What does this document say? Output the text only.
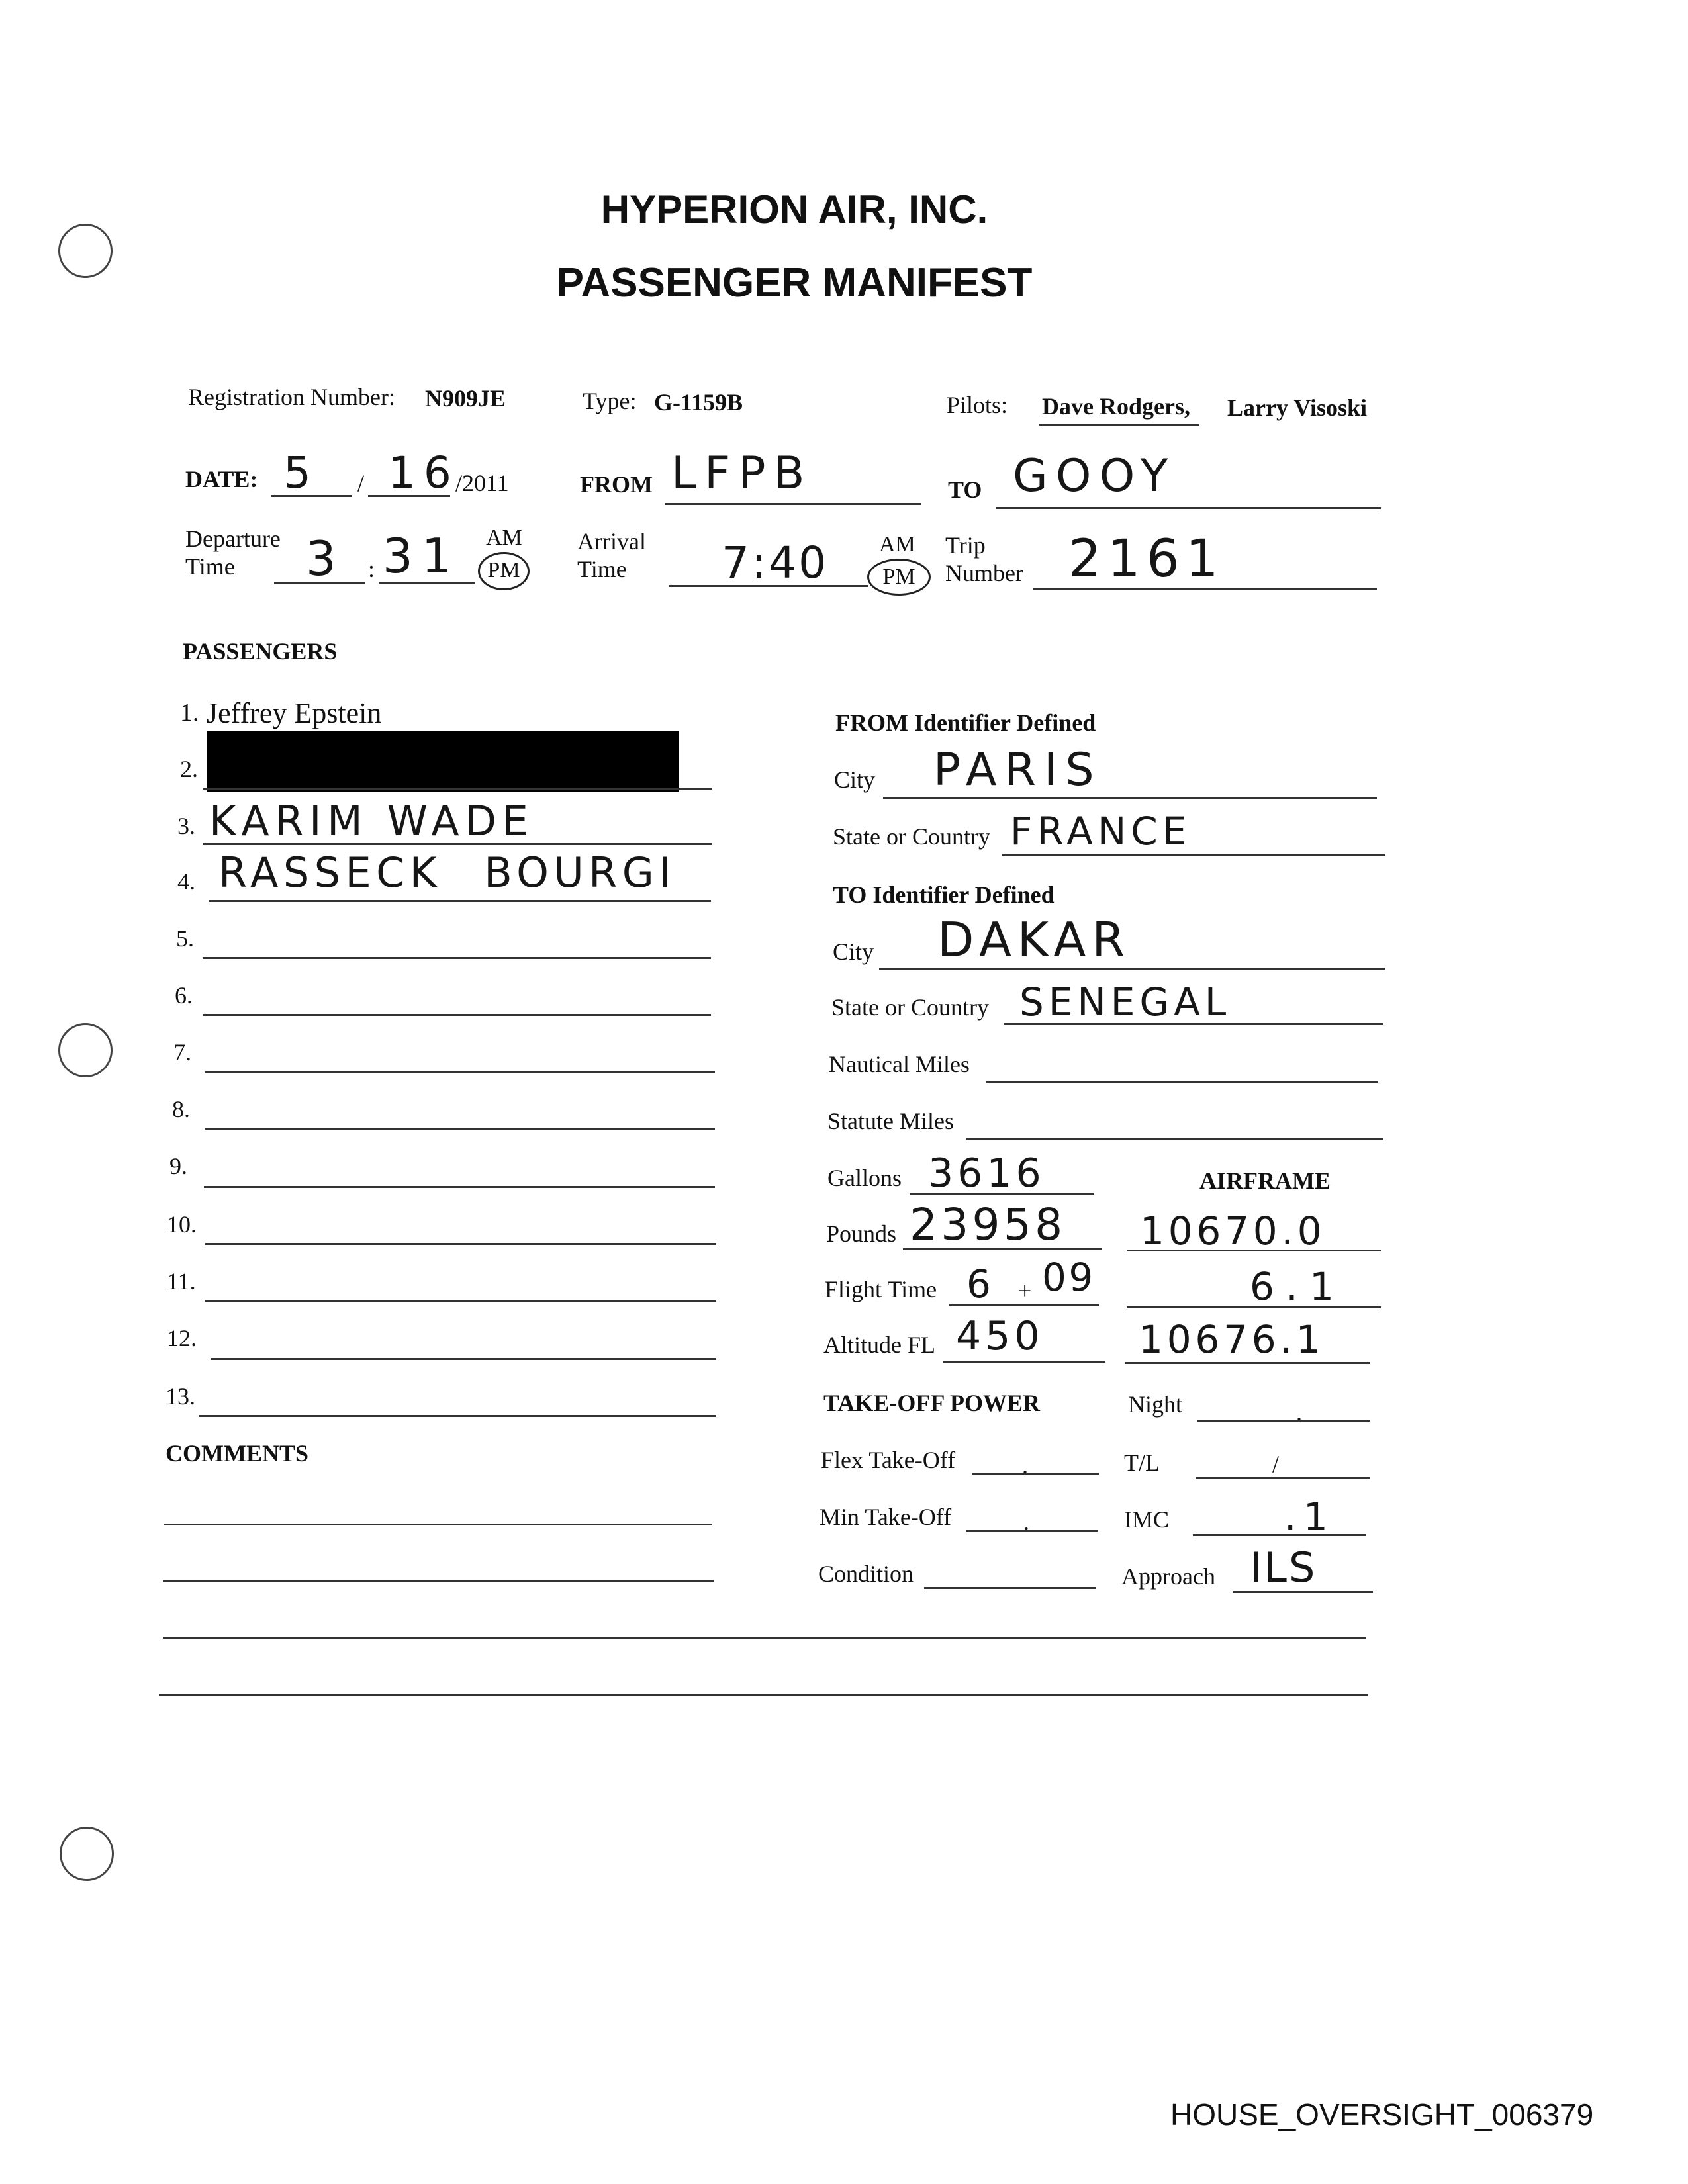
HYPERION AIR, INC.
PASSENGER MANIFEST
Registration Number: N909JE	Type: G-1159B	Pilots: Dave Rodgers, Larry Visoski
DATE: 5 / 16
/2011	FROM LFPB	TO GOOY
Departure
Time 3 : 31 AM
PM
Arrival
Time 7:40 AM
PM
Trip
Number 2161
PASSENGERS
1. Jeffrey Epstein
2.
3. KARIM WADE
4. RASSECK BOURGI
5.
6.
7.
8.
9.
10.
11.
12.
13.
COMMENTS
FROM Identifier Defined
City PARIS
State or Country FRANCE
TO Identifier Defined
City DAKAR
State or Country SENEGAL
Nautical Miles
Statute Miles
Gallons 3616	AIRFRAME
Pounds 23958 10670.0
Flight Time 6 + 09	6.1
Altitude FL 450 10676.1
TAKE-OFF POWER	Night	.
Flex Take-Off	.	T/L	/
Min Take-Off	.	IMC	.1
Condition	Approach ILS
HOUSE_OVERSIGHT_006379
